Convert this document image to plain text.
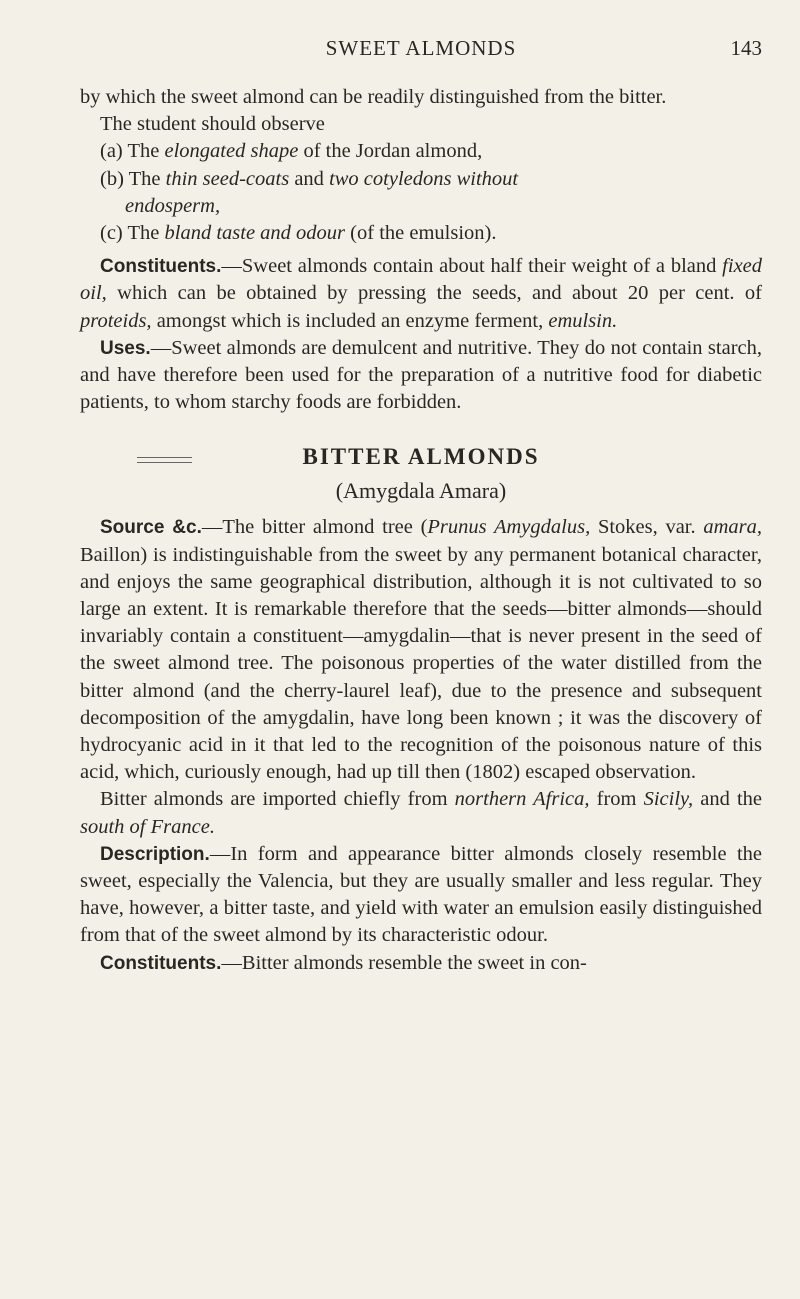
SWEET ALMONDS	143

by which the sweet almond can be readily distinguished from the bitter.

The student should observe

(a) The elongated shape of the Jordan almond,

(b) The thin seed-coats and two cotyledons without

endosperm,

(c) The bland taste and odour (of the emulsion).

Constituents.—Sweet almonds contain about half their weight of a bland fixed oil, which can be obtained by pressing the seeds, and about 20 per cent. of proteids, amongst which is included an enzyme ferment, emulsin.

Uses.—Sweet almonds are demulcent and nutritive. They do not contain starch, and have therefore been used for the preparation of a nutritive food for diabetic patients, to whom starchy foods are forbidden.

BITTER ALMONDS
(Amygdala Amara)

Source &c.—The bitter almond tree (Prunus Amygdalus, Stokes, var. amara, Baillon) is indistinguishable from the sweet by any permanent botanical character, and enjoys the same geographical distribution, although it is not cultivated to so large an extent. It is remarkable therefore that the seeds—bitter almonds—should invariably contain a constituent—amygdalin—that is never present in the seed of the sweet almond tree. The poisonous properties of the water distilled from the bitter almond (and the cherry-laurel leaf), due to the presence and subsequent decomposition of the amygdalin, have long been known ; it was the discovery of hydrocyanic acid in it that led to the recognition of the poisonous nature of this acid, which, curiously enough, had up till then (1802) escaped observation.

Bitter almonds are imported chiefly from northern Africa, from Sicily, and the south of France.

Description.—In form and appearance bitter almonds closely resemble the sweet, especially the Valencia, but they are usually smaller and less regular. They have, however, a bitter taste, and yield with water an emulsion easily distinguished from that of the sweet almond by its characteristic odour.

Constituents.—Bitter almonds resemble the sweet in con-
